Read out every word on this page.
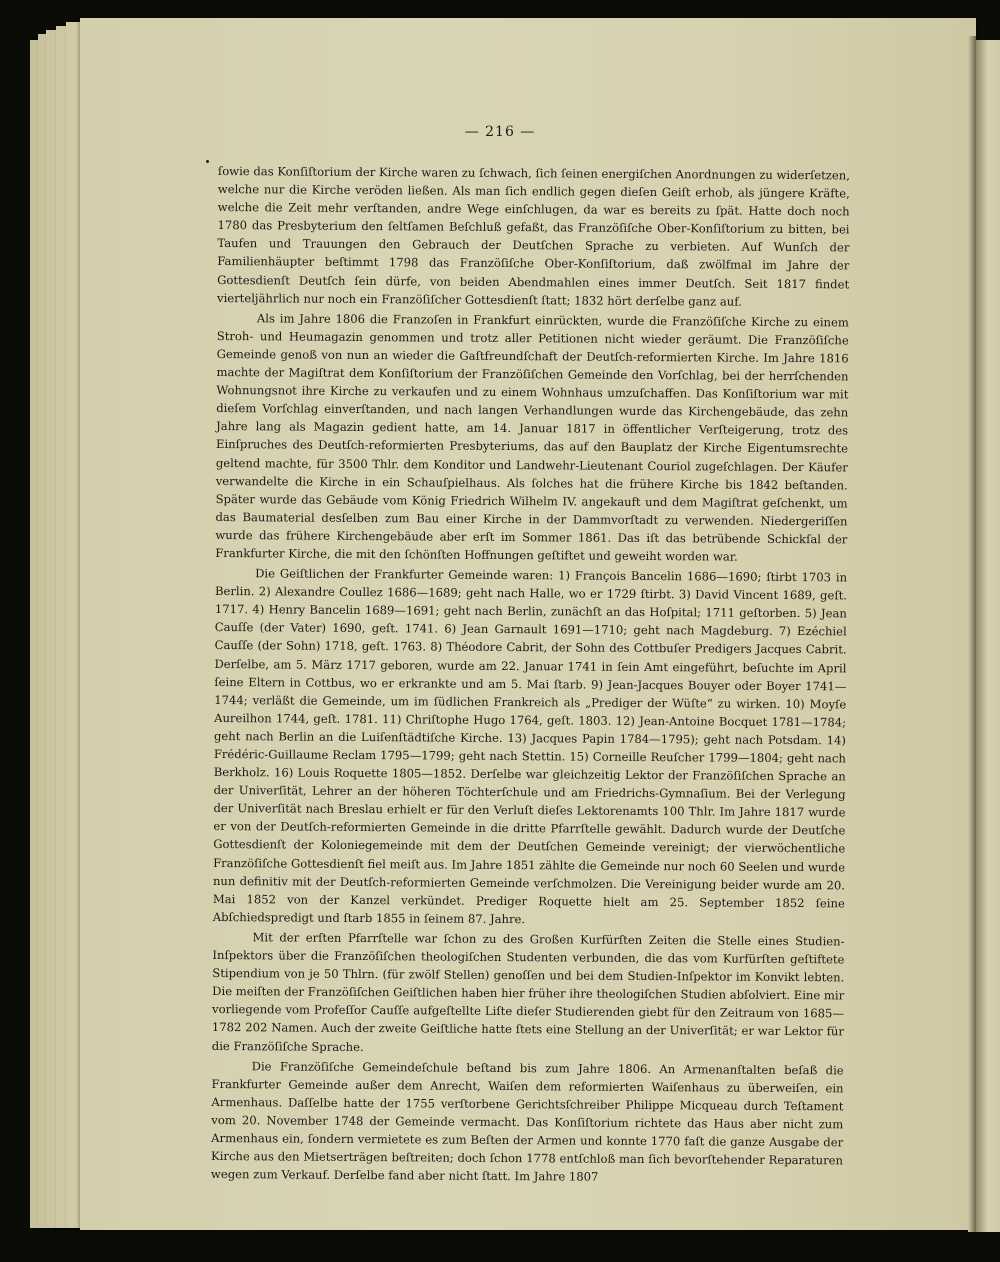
— 216 —

ſowie das Konſiſtorium der Kirche waren zu ſchwach, ſich ſeinen energiſchen Anordnungen zu widerſetzen, welche nur die Kirche veröden ließen. Als man ſich endlich gegen dieſen Geiſt erhob, als jüngere Kräfte, welche die Zeit mehr verſtanden, andre Wege einſchlugen, da war es bereits zu ſpät. Hatte doch noch 1780 das Presbyterium den ſeltſamen Beſchluß gefaßt, das Franzöſiſche Ober-Konſiſtorium zu bitten, bei Taufen und Trauungen den Gebrauch der Deutſchen Sprache zu verbieten. Auf Wunſch der Familienhäupter beſtimmt 1798 das Franzöſiſche Ober-Konſiſtorium, daß zwölfmal im Jahre der Gottesdienſt Deutſch ſein dürfe, von beiden Abendmahlen eines immer Deutſch. Seit 1817 findet vierteljährlich nur noch ein Franzöſiſcher Gottesdienſt ſtatt; 1832 hört derſelbe ganz auf.

Als im Jahre 1806 die Franzoſen in Frankfurt einrückten, wurde die Franzöſiſche Kirche zu einem Stroh- und Heumagazin genommen und trotz aller Petitionen nicht wieder geräumt. Die Franzöſiſche Gemeinde genoß von nun an wieder die Gaſtfreundſchaft der Deutſch-reformierten Kirche. Im Jahre 1816 machte der Magiſtrat dem Konſiſtorium der Franzöſiſchen Gemeinde den Vorſchlag, bei der herrſchenden Wohnungsnot ihre Kirche zu verkaufen und zu einem Wohnhaus umzuſchaffen. Das Konſiſtorium war mit dieſem Vorſchlag einverſtanden, und nach langen Verhandlungen wurde das Kirchengebäude, das zehn Jahre lang als Magazin gedient hatte, am 14. Januar 1817 in öffentlicher Verſteigerung, trotz des Einſpruches des Deutſch-reformierten Presbyteriums, das auf den Bauplatz der Kirche Eigentumsrechte geltend machte, für 3500 Thlr. dem Konditor und Landwehr-Lieutenant Couriol zugeſchlagen. Der Käufer verwandelte die Kirche in ein Schauſpielhaus. Als ſolches hat die frühere Kirche bis 1842 beſtanden. Später wurde das Gebäude vom König Friedrich Wilhelm IV. angekauft und dem Magiſtrat geſchenkt, um das Baumaterial desſelben zum Bau einer Kirche in der Dammvorſtadt zu verwenden. Niedergeriſſen wurde das frühere Kirchengebäude aber erſt im Sommer 1861. Das iſt das betrübende Schickſal der Frankfurter Kirche, die mit den ſchönſten Hoffnungen geſtiftet und geweiht worden war.

Die Geiſtlichen der Frankfurter Gemeinde waren: 1) François Bancelin 1686—1690; ſtirbt 1703 in Berlin. 2) Alexandre Coullez 1686—1689; geht nach Halle, wo er 1729 ſtirbt. 3) David Vincent 1689, geſt. 1717. 4) Henry Bancelin 1689—1691; geht nach Berlin, zunächſt an das Hoſpital; 1711 geſtorben. 5) Jean Cauſſe (der Vater) 1690, geſt. 1741. 6) Jean Garnault 1691—1710; geht nach Magdeburg. 7) Ezéchiel Cauſſe (der Sohn) 1718, geſt. 1763. 8) Théodore Cabrit, der Sohn des Cottbuſer Predigers Jacques Cabrit. Derſelbe, am 5. März 1717 geboren, wurde am 22. Januar 1741 in ſein Amt eingeführt, beſuchte im April ſeine Eltern in Cottbus, wo er erkrankte und am 5. Mai ſtarb. 9) Jean-Jacques Bouyer oder Boyer 1741—1744; verläßt die Gemeinde, um im ſüdlichen Frankreich als „Prediger der Wüſte“ zu wirken. 10) Moyſe Aureilhon 1744, geſt. 1781. 11) Chriſtophe Hugo 1764, geſt. 1803. 12) Jean-Antoine Bocquet 1781—1784; geht nach Berlin an die Luiſenſtädtiſche Kirche. 13) Jacques Papin 1784—1795); geht nach Potsdam. 14) Frédéric-Guillaume Reclam 1795—1799; geht nach Stettin. 15) Corneille Reuſcher 1799—1804; geht nach Berkholz. 16) Louis Roquette 1805—1852. Derſelbe war gleichzeitig Lektor der Franzöſiſchen Sprache an der Univerſität, Lehrer an der höheren Töchterſchule und am Friedrichs-Gymnaſium. Bei der Verlegung der Univerſität nach Breslau erhielt er für den Verluſt dieſes Lektorenamts 100 Thlr. Im Jahre 1817 wurde er von der Deutſch-reformierten Gemeinde in die dritte Pfarrſtelle gewählt. Dadurch wurde der Deutſche Gottesdienſt der Koloniegemeinde mit dem der Deutſchen Gemeinde vereinigt; der vierwöchentliche Franzöſiſche Gottesdienſt fiel meiſt aus. Im Jahre 1851 zählte die Gemeinde nur noch 60 Seelen und wurde nun definitiv mit der Deutſch-reformierten Gemeinde verſchmolzen. Die Vereinigung beider wurde am 20. Mai 1852 von der Kanzel verkündet. Prediger Roquette hielt am 25. September 1852 ſeine Abſchiedspredigt und ſtarb 1855 in ſeinem 87. Jahre.

Mit der erſten Pfarrſtelle war ſchon zu des Großen Kurfürſten Zeiten die Stelle eines Studien-Inſpektors über die Franzöſiſchen theologiſchen Studenten verbunden, die das vom Kurfürſten geſtiftete Stipendium von je 50 Thlrn. (für zwölf Stellen) genoſſen und bei dem Studien-Inſpektor im Konvikt lebten. Die meiſten der Franzöſiſchen Geiſtlichen haben hier früher ihre theologiſchen Studien abſolviert. Eine mir vorliegende vom Profeſſor Cauſſe aufgeſtellte Liſte dieſer Studierenden giebt für den Zeitraum von 1685—1782 202 Namen. Auch der zweite Geiſtliche hatte ſtets eine Stellung an der Univerſität; er war Lektor für die Franzöſiſche Sprache.

Die Franzöſiſche Gemeindeſchule beſtand bis zum Jahre 1806. An Armenanſtalten beſaß die Frankfurter Gemeinde außer dem Anrecht, Waiſen dem reformierten Waiſenhaus zu überweiſen, ein Armenhaus. Daſſelbe hatte der 1755 verſtorbene Gerichtsſchreiber Philippe Micqueau durch Teſtament vom 20. November 1748 der Gemeinde vermacht. Das Konſiſtorium richtete das Haus aber nicht zum Armenhaus ein, ſondern vermietete es zum Beſten der Armen und konnte 1770 faſt die ganze Ausgabe der Kirche aus den Mietserträgen beſtreiten; doch ſchon 1778 entſchloß man ſich bevorſtehender Reparaturen wegen zum Verkauf. Derſelbe fand aber nicht ſtatt. Im Jahre 1807
